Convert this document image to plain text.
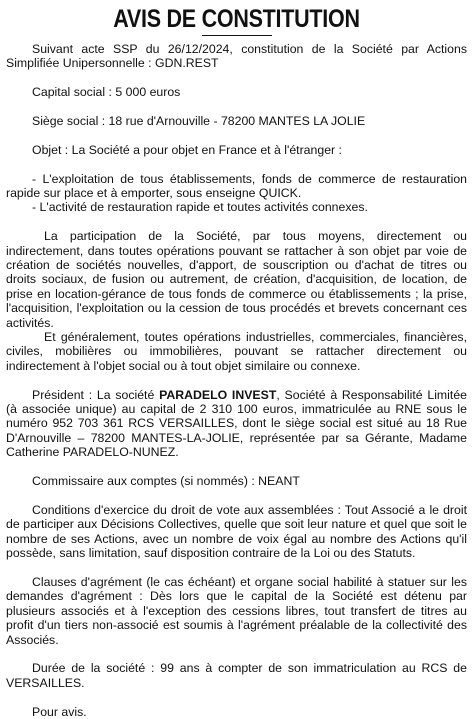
AVIS DE CONSTITUTION

Suivant acte SSP du 26/12/2024, constitution de la Société par Actions Simplifiée Unipersonnelle : GDN.REST

Capital social : 5 000 euros

Siège social : 18 rue d'Arnouville - 78200 MANTES LA JOLIE

Objet : La Société a pour objet en France et à l'étranger :

- L'exploitation de tous établissements, fonds de commerce de restauration rapide sur place et à emporter, sous enseigne QUICK.

- L'activité de restauration rapide et toutes activités connexes.

La participation de la Société, par tous moyens, directement ou indirectement, dans toutes opérations pouvant se rattacher à son objet par voie de création de sociétés nouvelles, d'apport, de souscription ou d'achat de titres ou droits sociaux, de fusion ou autrement, de création, d'acquisition, de location, de prise en location-gérance de tous fonds de commerce ou établissements ; la prise, l'acquisition, l'exploitation ou la cession de tous procédés et brevets concernant ces activités.

Et généralement, toutes opérations industrielles, commerciales, financières, civiles, mobilières ou immobilières, pouvant se rattacher directement ou indirectement à l'objet social ou à tout objet similaire ou connexe.

Président : La société PARADELO INVEST, Société à Responsabilité Limitée (à associée unique) au capital de 2 310 100 euros, immatriculée au RNE sous le numéro 952 703 361 RCS VERSAILLES, dont le siège social est situé au 18 Rue D'Arnouville – 78200 MANTES-LA-JOLIE, représentée par sa Gérante, Madame Catherine PARADELO-NUNEZ.

Commissaire aux comptes (si nommés) : NEANT

Conditions d'exercice du droit de vote aux assemblées : Tout Associé a le droit de participer aux Décisions Collectives, quelle que soit leur nature et quel que soit le nombre de ses Actions, avec un nombre de voix égal au nombre des Actions qu'il possède, sans limitation, sauf disposition contraire de la Loi ou des Statuts.

Clauses d'agrément (le cas échéant) et organe social habilité à statuer sur les demandes d'agrément : Dès lors que le capital de la Société est détenu par plusieurs associés et à l'exception des cessions libres, tout transfert de titres au profit d'un tiers non-associé est soumis à l'agrément préalable de la collectivité des Associés.

Durée de la société : 99 ans à compter de son immatriculation au RCS de VERSAILLES.

Pour avis.
